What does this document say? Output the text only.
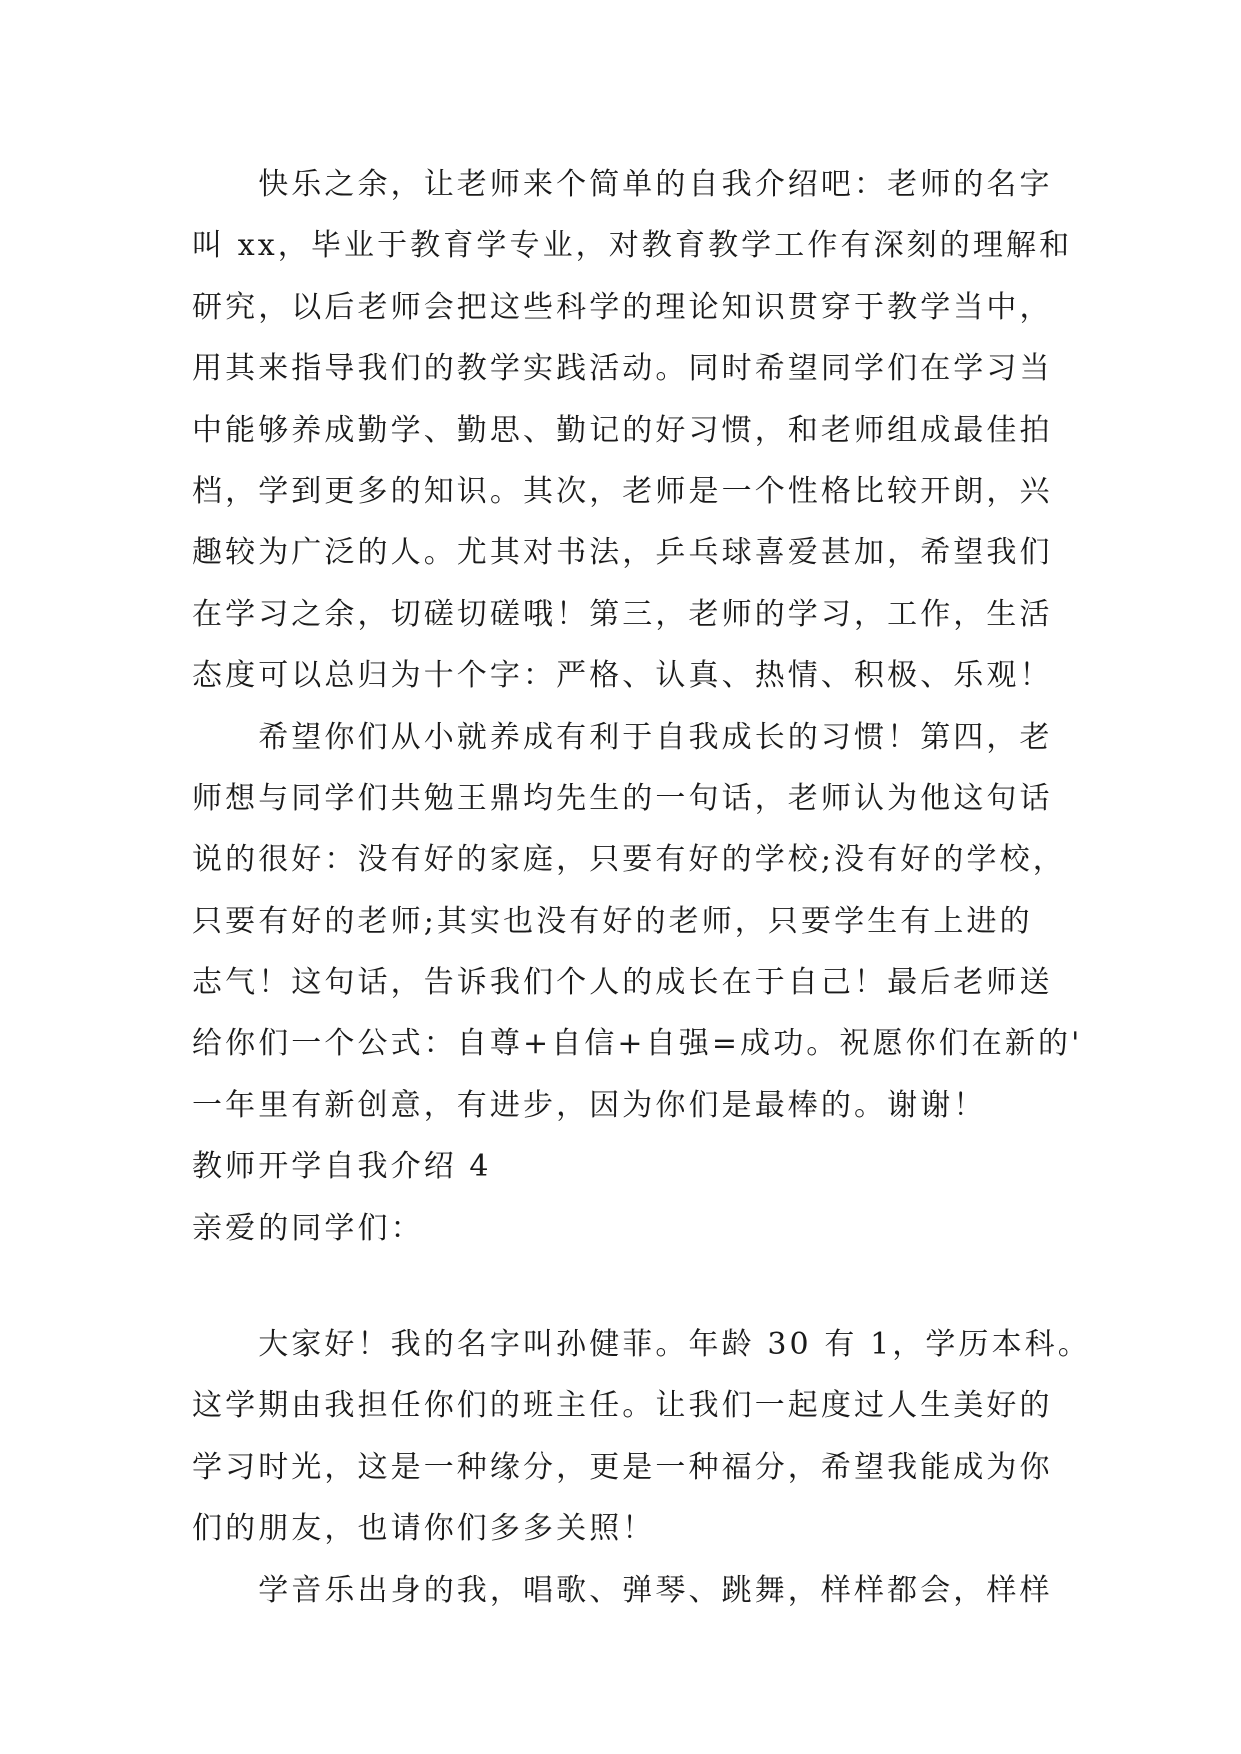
　　快乐之余，让老师来个简单的自我介绍吧：老师的名字
叫 xx，毕业于教育学专业，对教育教学工作有深刻的理解和
研究，以后老师会把这些科学的理论知识贯穿于教学当中，
用其来指导我们的教学实践活动。同时希望同学们在学习当
中能够养成勤学、勤思、勤记的好习惯，和老师组成最佳拍
档，学到更多的知识。其次，老师是一个性格比较开朗，兴
趣较为广泛的人。尤其对书法，乒乓球喜爱甚加，希望我们
在学习之余，切磋切磋哦！第三，老师的学习，工作，生活
态度可以总归为十个字：严格、认真、热情、积极、乐观！
　　希望你们从小就养成有利于自我成长的习惯！第四，老
师想与同学们共勉王鼎均先生的一句话，老师认为他这句话
说的很好：没有好的家庭，只要有好的学校;没有好的学校，
只要有好的老师;其实也没有好的老师，只要学生有上进的
志气！这句话，告诉我们个人的成长在于自己！最后老师送
给你们一个公式：自尊+自信+自强=成功。祝愿你们在新的'
一年里有新创意，有进步，因为你们是最棒的。谢谢！
教师开学自我介绍 4
亲爱的同学们：
　　大家好！我的名字叫孙健菲。年龄 30 有 1，学历本科。
这学期由我担任你们的班主任。让我们一起度过人生美好的
学习时光，这是一种缘分，更是一种福分，希望我能成为你
们的朋友，也请你们多多关照！
　　学音乐出身的我，唱歌、弹琴、跳舞，样样都会，样样
